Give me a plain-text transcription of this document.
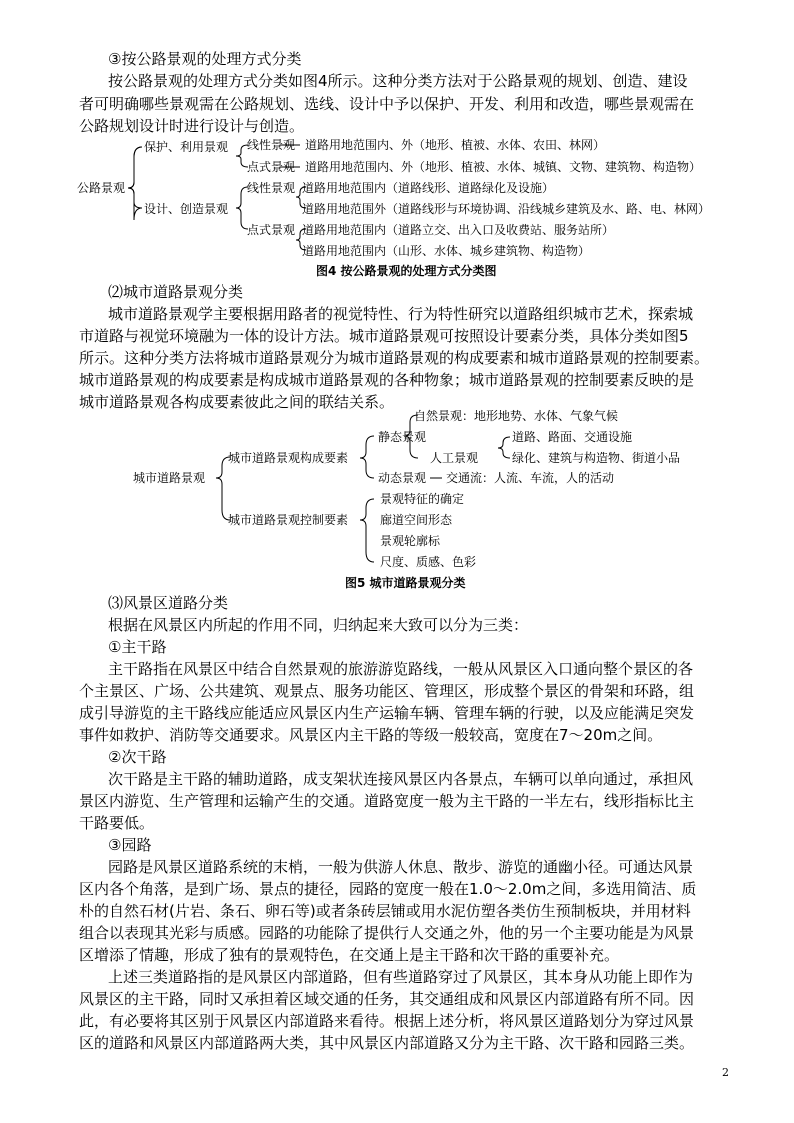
③按公路景观的处理方式分类
按公路景观的处理方式分类如图4所示。这种分类方法对于公路景观的规划、创造、建设
者可明确哪些景观需在公路规划、选线、设计中予以保护、开发、利用和改造，哪些景观需在
公路规划设计时进行设计与创造。
公路景观
保护、利用景观
设计、创造景观
线性景观 道路用地范围内、外（地形、植被、水体、农田、林网）
点式景观 道路用地范围内、外（地形、植被、水体、城镇、文物、建筑物、构造物）
线性景观 道路用地范围内（道路线形、道路绿化及设施）
道路用地范围外（道路线形与环境协调、沿线城乡建筑及水、路、电、林网）
点式景观 道路用地范围内（道路立交、出入口及收费站、服务站所）
道路用地范围内（山形、水体、城乡建筑物、构造物）
图4 按公路景观的处理方式分类图
⑵城市道路景观分类
城市道路景观学主要根据用路者的视觉特性、行为特性研究以道路组织城市艺术，探索城
市道路与视觉环境融为一体的设计方法。城市道路景观可按照设计要素分类，具体分类如图5
所示。这种分类方法将城市道路景观分为城市道路景观的构成要素和城市道路景观的控制要素。
城市道路景观的构成要素是构成城市道路景观的各种物象；城市道路景观的控制要素反映的是
城市道路景观各构成要素彼此之间的联结关系。
城市道路景观
城市道路景观构成要素
城市道路景观控制要素
静态景观
自然景观：地形地势、水体、气象气候
人工景观
道路、路面、交通设施
绿化、建筑与构造物、街道小品
动态景观 交通流：人流、车流，人的活动
景观特征的确定
廊道空间形态
景观轮廓标
尺度、质感、色彩
图5 城市道路景观分类
⑶风景区道路分类
根据在风景区内所起的作用不同，归纳起来大致可以分为三类：
①主干路
主干路指在风景区中结合自然景观的旅游游览路线，一般从风景区入口通向整个景区的各
个主景区、广场、公共建筑、观景点、服务功能区、管理区，形成整个景区的骨架和环路，组
成引导游览的主干路线应能适应风景区内生产运输车辆、管理车辆的行驶，以及应能满足突发
事件如救护、消防等交通要求。风景区内主干路的等级一般较高，宽度在7～20m之间。
②次干路
次干路是主干路的辅助道路，成支架状连接风景区内各景点，车辆可以单向通过，承担风
景区内游览、生产管理和运输产生的交通。道路宽度一般为主干路的一半左右，线形指标比主
干路要低。
③园路
园路是风景区道路系统的末梢，一般为供游人休息、散步、游览的通幽小径。可通达风景
区内各个角落，是到广场、景点的捷径，园路的宽度一般在1.0～2.0m之间，多选用简洁、质
朴的自然石材(片岩、条石、卵石等)或者条砖层铺或用水泥仿塑各类仿生预制板块，并用材料
组合以表现其光彩与质感。园路的功能除了提供行人交通之外，他的另一个主要功能是为风景
区增添了情趣，形成了独有的景观特色，在交通上是主干路和次干路的重要补充。
上述三类道路指的是风景区内部道路，但有些道路穿过了风景区，其本身从功能上即作为
风景区的主干路，同时又承担着区域交通的任务，其交通组成和风景区内部道路有所不同。因
此，有必要将其区别于风景区内部道路来看待。根据上述分析，将风景区道路划分为穿过风景
区的道路和风景区内部道路两大类，其中风景区内部道路又分为主干路、次干路和园路三类。
2
